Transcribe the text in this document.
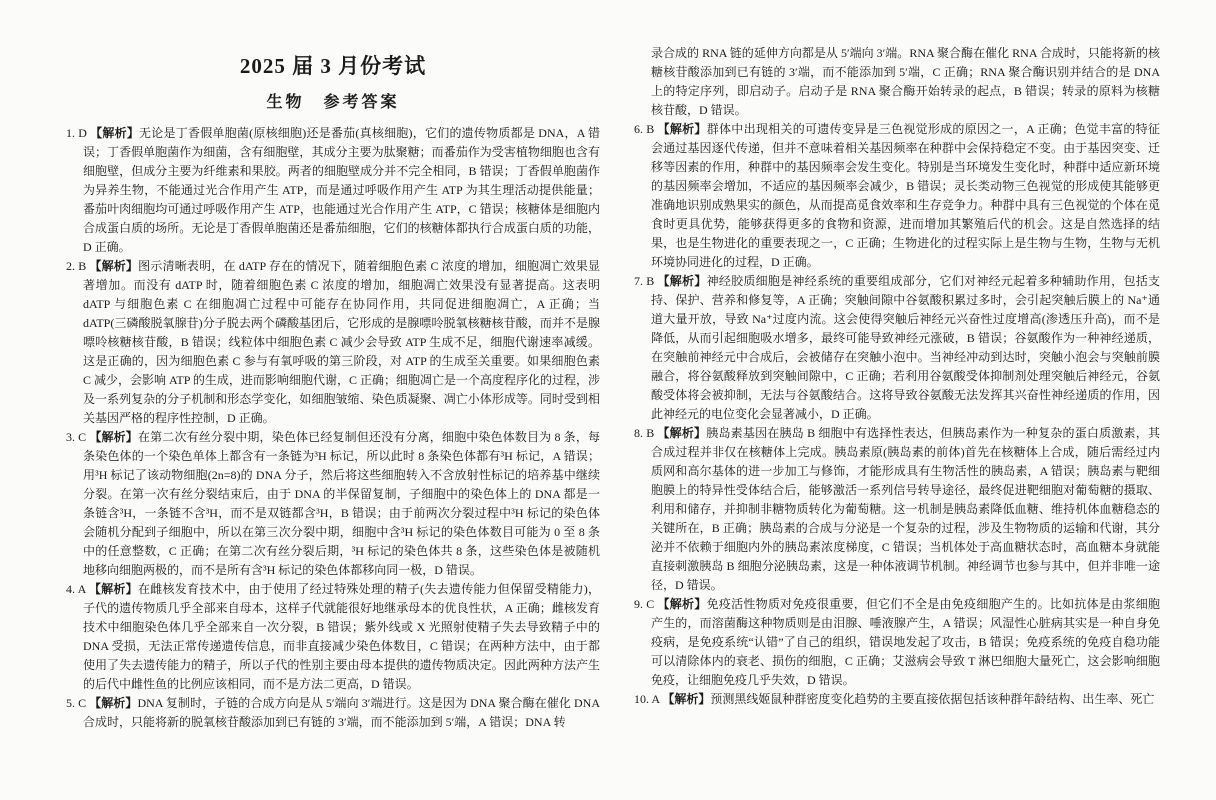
2025 届 3 月份考试
生物　参考答案

1. D 【解析】无论是丁香假单胞菌(原核细胞)还是番茄(真核细胞)，它们的遗传物质都是 DNA，A 错误；丁香假单胞菌作为细菌，含有细胞壁，其成分主要为肽聚糖；而番茄作为受害植物细胞也含有细胞壁，但成分主要为纤维素和果胶。两者的细胞壁成分并不完全相同，B 错误；丁香假单胞菌作为异养生物，不能通过光合作用产生 ATP，而是通过呼吸作用产生 ATP 为其生理活动提供能量；番茄叶肉细胞均可通过呼吸作用产生 ATP，也能通过光合作用产生 ATP，C 错误；核糖体是细胞内合成蛋白质的场所。无论是丁香假单胞菌还是番茄细胞，它们的核糖体都执行合成蛋白质的功能，D 正确。

2. B 【解析】图示清晰表明，在 dATP 存在的情况下，随着细胞色素 C 浓度的增加，细胞凋亡效果显著增加。而没有 dATP 时，随着细胞色素 C 浓度的增加，细胞凋亡效果没有显著提高。这表明 dATP 与细胞色素 C 在细胞凋亡过程中可能存在协同作用，共同促进细胞凋亡，A 正确；当 dATP(三磷酸脱氧腺苷)分子脱去两个磷酸基团后，它形成的是腺嘌呤脱氧核糖核苷酸，而并不是腺嘌呤核糖核苷酸，B 错误；线粒体中细胞色素 C 减少会导致 ATP 生成不足，细胞代谢速率减缓。这是正确的，因为细胞色素 C 参与有氧呼吸的第三阶段，对 ATP 的生成至关重要。如果细胞色素 C 减少，会影响 ATP 的生成，进而影响细胞代谢，C 正确；细胞凋亡是一个高度程序化的过程，涉及一系列复杂的分子机制和形态学变化，如细胞皱缩、染色质凝聚、凋亡小体形成等。同时受到相关基因严格的程序性控制，D 正确。

3. C 【解析】在第二次有丝分裂中期，染色体已经复制但还没有分离，细胞中染色体数目为 8 条，每条染色体的一个染色单体上都含有一条链为³H 标记，所以此时 8 条染色体都有³H 标记，A 错误；用³H 标记了该动物细胞(2n=8)的 DNA 分子，然后将这些细胞转入不含放射性标记的培养基中继续分裂。在第一次有丝分裂结束后，由于 DNA 的半保留复制，子细胞中的染色体上的 DNA 都是一条链含³H，一条链不含³H，而不是双链都含³H，B 错误；由于前两次分裂过程中³H 标记的染色体会随机分配到子细胞中，所以在第三次分裂中期，细胞中含³H 标记的染色体数目可能为 0 至 8 条中的任意整数，C 正确；在第二次有丝分裂后期，³H 标记的染色体共 8 条，这些染色体是被随机地移向细胞两极的，而不是所有含³H 标记的染色体都移向同一极，D 错误。

4. A 【解析】在雌核发育技术中，由于使用了经过特殊处理的精子(失去遗传能力但保留受精能力)，子代的遗传物质几乎全部来自母本，这样子代就能很好地继承母本的优良性状，A 正确；雌核发育技术中细胞染色体几乎全部来自一次分裂，B 错误；紫外线或 X 光照射使精子失去导致精子中的 DNA 受损，无法正常传递遗传信息，而非直接减少染色体数目，C 错误；在两种方法中，由于都使用了失去遗传能力的精子，所以子代的性别主要由母本提供的遗传物质决定。因此两种方法产生的后代中雌性鱼的比例应该相同，而不是方法二更高，D 错误。

5. C 【解析】DNA 复制时，子链的合成方向是从 5′端向 3′端进行。这是因为 DNA 聚合酶在催化 DNA 合成时，只能将新的脱氧核苷酸添加到已有链的 3′端，而不能添加到 5′端，A 错误；DNA 转

录合成的 RNA 链的延伸方向都是从 5′端向 3′端。RNA 聚合酶在催化 RNA 合成时，只能将新的核糖核苷酸添加到已有链的 3′端，而不能添加到 5′端，C 正确；RNA 聚合酶识别并结合的是 DNA 上的特定序列，即启动子。启动子是 RNA 聚合酶开始转录的起点，B 错误；转录的原料为核糖核苷酸，D 错误。

6. B 【解析】群体中出现相关的可遗传变异是三色视觉形成的原因之一，A 正确；色觉丰富的特征会通过基因逐代传递，但并不意味着相关基因频率在种群中会保持稳定不变。由于基因突变、迁移等因素的作用，种群中的基因频率会发生变化。特别是当环境发生变化时，种群中适应新环境的基因频率会增加，不适应的基因频率会减少，B 错误；灵长类动物三色视觉的形成使其能够更准确地识别成熟果实的颜色，从而提高觅食效率和生存竞争力。种群中具有三色视觉的个体在觅食时更具优势，能够获得更多的食物和资源，进而增加其繁殖后代的机会。这是自然选择的结果，也是生物进化的重要表现之一，C 正确；生物进化的过程实际上是生物与生物，生物与无机环境协同进化的过程，D 正确。

7. B 【解析】神经胶质细胞是神经系统的重要组成部分，它们对神经元起着多种辅助作用，包括支持、保护、营养和修复等，A 正确；突触间隙中谷氨酸积累过多时，会引起突触后膜上的 Na⁺通道大量开放，导致 Na⁺过度内流。这会使得突触后神经元兴奋性过度增高(渗透压升高)，而不是降低，从而引起细胞吸水增多，最终可能导致神经元涨破，B 错误；谷氨酸作为一种神经递质，在突触前神经元中合成后，会被储存在突触小泡中。当神经冲动到达时，突触小泡会与突触前膜融合，将谷氨酸释放到突触间隙中，C 正确；若利用谷氨酸受体抑制剂处理突触后神经元，谷氨酸受体将会被抑制，无法与谷氨酸结合。这将导致谷氨酸无法发挥其兴奋性神经递质的作用，因此神经元的电位变化会显著减小，D 正确。

8. B 【解析】胰岛素基因在胰岛 B 细胞中有选择性表达，但胰岛素作为一种复杂的蛋白质激素，其合成过程并非仅在核糖体上完成。胰岛素原(胰岛素的前体)首先在核糖体上合成，随后需经过内质网和高尔基体的进一步加工与修饰，才能形成具有生物活性的胰岛素，A 错误；胰岛素与靶细胞膜上的特异性受体结合后，能够激活一系列信号转导途径，最终促进靶细胞对葡萄糖的摄取、利用和储存，并抑制非糖物质转化为葡萄糖。这一机制是胰岛素降低血糖、维持机体血糖稳态的关键所在，B 正确；胰岛素的合成与分泌是一个复杂的过程，涉及生物物质的运输和代谢，其分泌并不依赖于细胞内外的胰岛素浓度梯度，C 错误；当机体处于高血糖状态时，高血糖本身就能直接刺激胰岛 B 细胞分泌胰岛素，这是一种体液调节机制。神经调节也参与其中，但并非唯一途径，D 错误。

9. C 【解析】免疫活性物质对免疫很重要，但它们不全是由免疫细胞产生的。比如抗体是由浆细胞产生的，而溶菌酶这种物质则是由泪腺、唾液腺产生，A 错误；风湿性心脏病其实是一种自身免疫病，是免疫系统“认错”了自己的组织，错误地发起了攻击，B 错误；免疫系统的免疫自稳功能可以清除体内的衰老、损伤的细胞，C 正确；艾滋病会导致 T 淋巴细胞大量死亡，这会影响细胞免疫，让细胞免疫几乎失效，D 错误。

10. A 【解析】预测黑线姬鼠种群密度变化趋势的主要直接依据包括该种群年龄结构、出生率、死亡
